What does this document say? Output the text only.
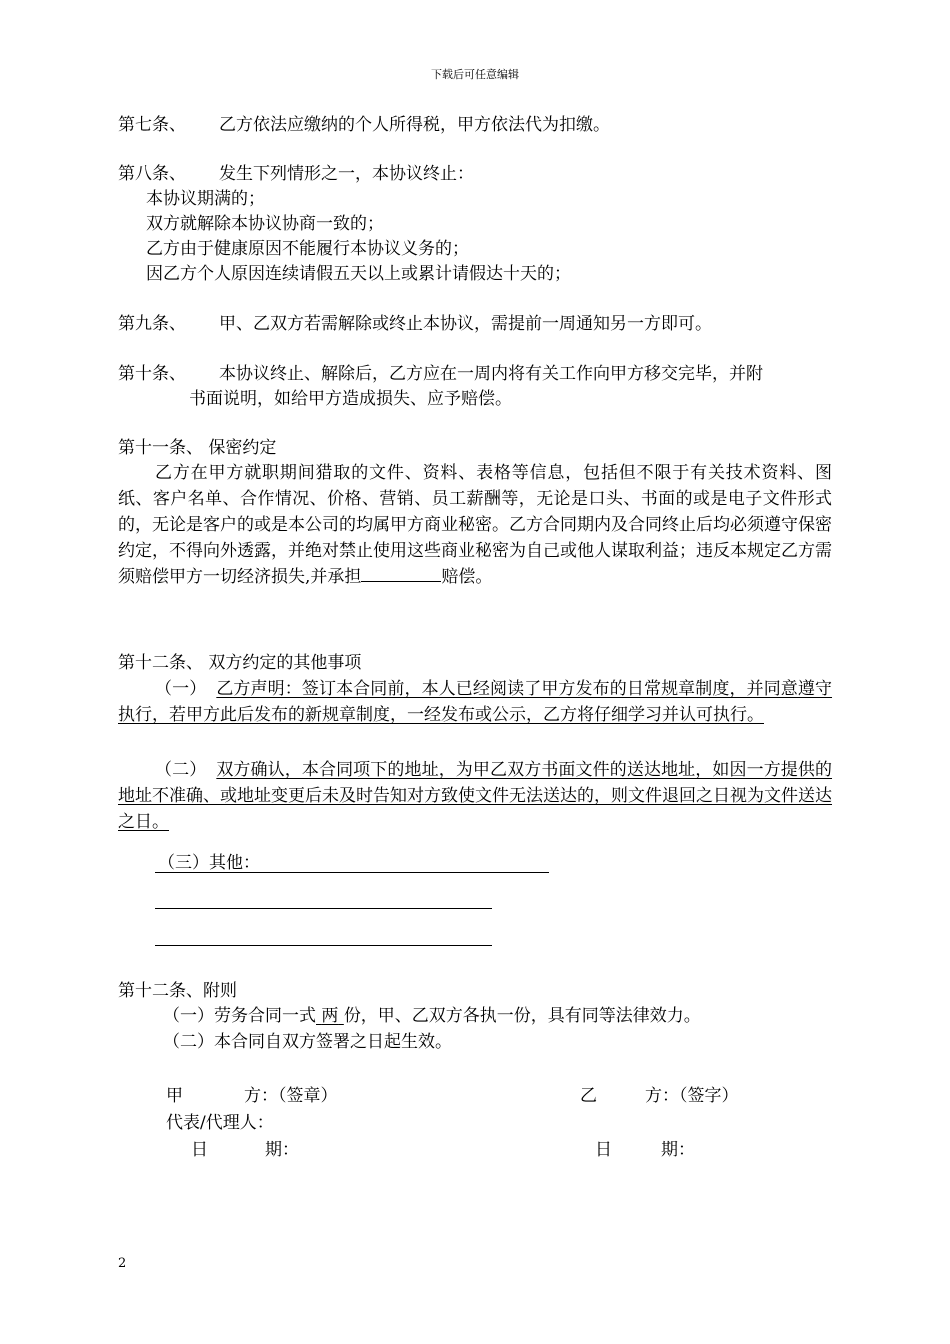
下载后可任意编辑
第七条、 乙方依法应缴纳的个人所得税，甲方依法代为扣缴。
第八条、 发生下列情形之一，本协议终止：
本协议期满的；
双方就解除本协议协商一致的；
乙方由于健康原因不能履行本协议义务的；
因乙方个人原因连续请假五天以上或累计请假达十天的；
第九条、 甲、乙双方若需解除或终止本协议，需提前一周通知另一方即可。
第十条、 本协议终止、解除后，乙方应在一周内将有关工作向甲方移交完毕，并附
书面说明，如给甲方造成损失、应予赔偿。
第十一条、 保密约定
乙方在甲方就职期间猎取的文件、资料、表格等信息，包括但不限于有关技术资料、图纸、客户名单、合作情况、价格、营销、员工薪酬等，无论是口头、书面的或是电子文件形式的，无论是客户的或是本公司的均属甲方商业秘密。乙方合同期内及合同终止后均必须遵守保密约定，不得向外透露，并绝对禁止使用这些商业秘密为自己或他人谋取利益；违反本规定乙方需须赔偿甲方一切经济损失,并承担	赔偿。
第十二条、 双方约定的其他事项
（一） 乙方声明：签订本合同前，本人已经阅读了甲方发布的日常规章制度，并同意遵守执行，若甲方此后发布的新规章制度，一经发布或公示，乙方将仔细学习并认可执行。
（二） 双方确认，本合同项下的地址，为甲乙双方书面文件的送达地址，如因一方提供的地址不准确、或地址变更后未及时告知对方致使文件无法送达的，则文件退回之日视为文件送达之日。
（三）其他：
第十二条、附则
（一）劳务合同一式 两 份，甲、乙双方各执一份，具有同等法律效力。
（二）本合同自双方签署之日起生效。
甲	方：（签章）	乙	方：（签字）
代表/代理人：
日	期：	日	期：
2
